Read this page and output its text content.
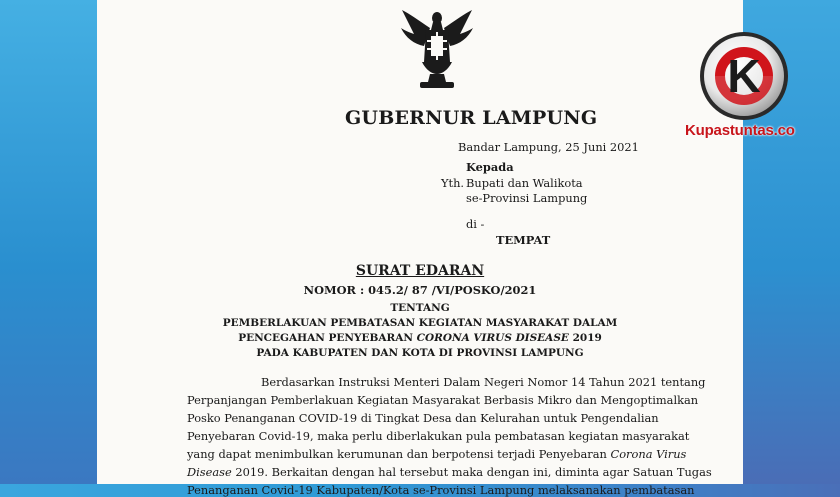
GUBERNUR LAMPUNG
Bandar Lampung, 25 Juni 2021
Kepada
Yth. Bupati dan Walikota
se-Provinsi Lampung
di -
TEMPAT
SURAT EDARAN
NOMOR : 045.2/ 87 /VI/POSKO/2021
TENTANG
PEMBERLAKUAN PEMBATASAN KEGIATAN MASYARAKAT DALAM
PENCEGAHAN PENYEBARAN CORONA VIRUS DISEASE 2019
PADA KABUPATEN DAN KOTA DI PROVINSI LAMPUNG
Berdasarkan Instruksi Menteri Dalam Negeri Nomor 14 Tahun 2021 tentang
Perpanjangan Pemberlakuan Kegiatan Masyarakat Berbasis Mikro dan Mengoptimalkan
Posko Penanganan COVID-19 di Tingkat Desa dan Kelurahan untuk Pengendalian
Penyebaran Covid-19, maka perlu diberlakukan pula pembatasan kegiatan masyarakat
yang dapat menimbulkan kerumunan dan berpotensi terjadi Penyebaran Corona Virus
Disease 2019. Berkaitan dengan hal tersebut maka dengan ini, diminta agar Satuan Tugas
Penanganan Covid-19 Kabupaten/Kota se-Provinsi Lampung melaksanakan pembatasan
K
Kupastuntas.co
